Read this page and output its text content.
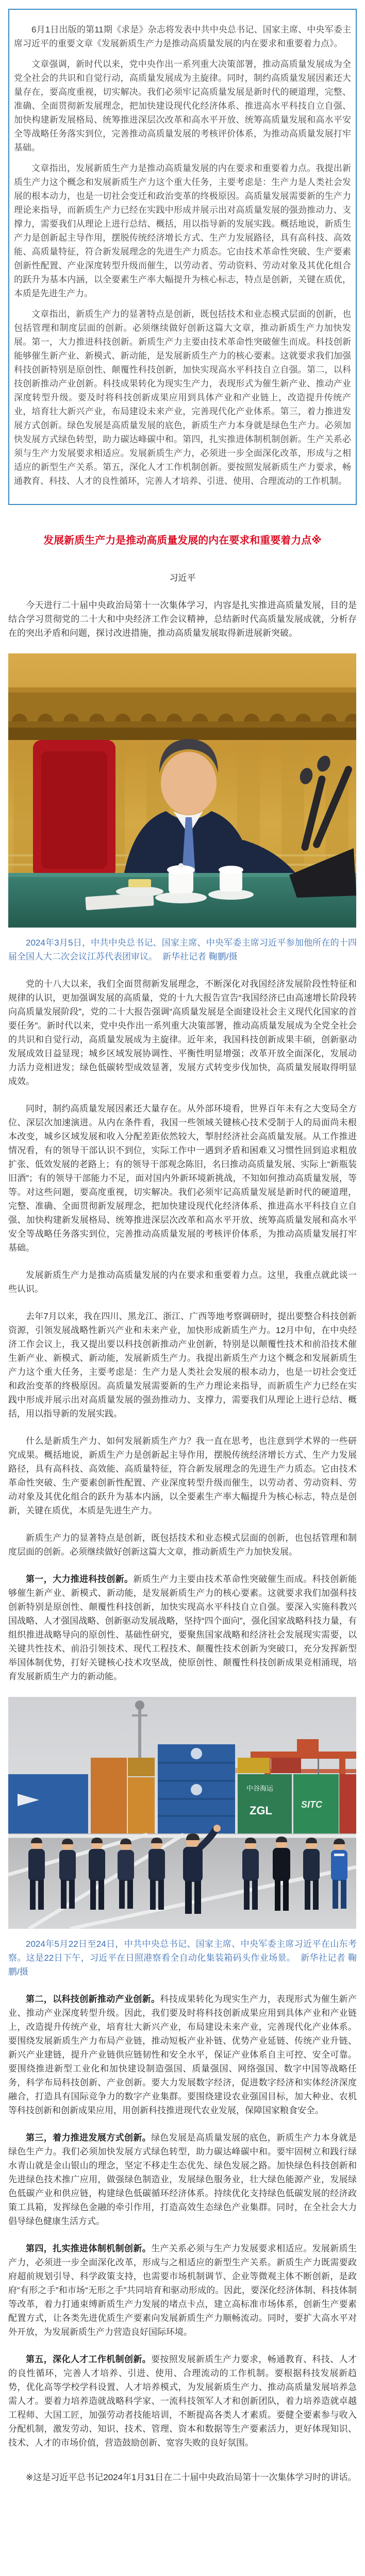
6月1日出版的第11期《求是》杂志将发表中共中央总书记、国家主席、中央军委主席习近平的重要文章《发展新质生产力是推动高质量发展的内在要求和重要着力点》。

文章强调，新时代以来，党中央作出一系列重大决策部署，推动高质量发展成为全党全社会的共识和自觉行动，高质量发展成为主旋律。同时，制约高质量发展因素还大量存在，要高度重视，切实解决。我们必须牢记高质量发展是新时代的硬道理，完整、准确、全面贯彻新发展理念，把加快建设现代化经济体系、推进高水平科技自立自强、加快构建新发展格局、统筹推进深层次改革和高水平开放、统筹高质量发展和高水平安全等战略任务落实到位，完善推动高质量发展的考核评价体系，为推动高质量发展打牢基础。

文章指出，发展新质生产力是推动高质量发展的内在要求和重要着力点。我提出新质生产力这个概念和发展新质生产力这个重大任务，主要考虑是：生产力是人类社会发展的根本动力，也是一切社会变迁和政治变革的终极原因。高质量发展需要新的生产力理论来指导，而新质生产力已经在实践中形成并展示出对高质量发展的强劲推动力、支撑力，需要我们从理论上进行总结、概括，用以指导新的发展实践。概括地说，新质生产力是创新起主导作用，摆脱传统经济增长方式、生产力发展路径，具有高科技、高效能、高质量特征，符合新发展理念的先进生产力质态。它由技术革命性突破、生产要素创新性配置、产业深度转型升级而催生，以劳动者、劳动资料、劳动对象及其优化组合的跃升为基本内涵，以全要素生产率大幅提升为核心标志，特点是创新，关键在质优，本质是先进生产力。

文章指出，新质生产力的显著特点是创新，既包括技术和业态模式层面的创新，也包括管理和制度层面的创新。必须继续做好创新这篇大文章，推动新质生产力加快发展。第一，大力推进科技创新。新质生产力主要由技术革命性突破催生而成。科技创新能够催生新产业、新模式、新动能，是发展新质生产力的核心要素。这就要求我们加强科技创新特别是原创性、颠覆性科技创新，加快实现高水平科技自立自强。第二，以科技创新推动产业创新。科技成果转化为现实生产力，表现形式为催生新产业、推动产业深度转型升级。要及时将科技创新成果应用到具体产业和产业链上，改造提升传统产业，培育壮大新兴产业，布局建设未来产业，完善现代化产业体系。第三，着力推进发展方式创新。绿色发展是高质量发展的底色，新质生产力本身就是绿色生产力。必须加快发展方式绿色转型，助力碳达峰碳中和。第四，扎实推进体制机制创新。生产关系必须与生产力发展要求相适应。发展新质生产力，必须进一步全面深化改革，形成与之相适应的新型生产关系。第五，深化人才工作机制创新。要按照发展新质生产力要求，畅通教育、科技、人才的良性循环，完善人才培养、引进、使用、合理流动的工作机制。

发展新质生产力是推动高质量发展的内在要求和重要着力点※
习近平

今天进行二十届中央政治局第十一次集体学习，内容是扎实推进高质量发展，目的是结合学习贯彻党的二十大和中央经济工作会议精神，总结新时代高质量发展成就，分析存在的突出矛盾和问题，探讨改进措施，推动高质量发展取得新进展新突破。

2024年3月5日，中共中央总书记、国家主席、中央军委主席习近平参加他所在的十四届全国人大二次会议江苏代表团审议。 新华社记者 鞠鹏/摄

党的十八大以来，我们全面贯彻新发展理念，不断深化对我国经济发展阶段性特征和规律的认识，更加强调发展的高质量，党的十九大报告宣告“我国经济已由高速增长阶段转向高质量发展阶段”，党的二十大报告强调“高质量发展是全面建设社会主义现代化国家的首要任务”。新时代以来，党中央作出一系列重大决策部署，推动高质量发展成为全党全社会的共识和自觉行动，高质量发展成为主旋律。近年来，我国科技创新成果丰硕，创新驱动发展成效日益显现；城乡区域发展协调性、平衡性明显增强；改革开放全面深化，发展动力活力竞相迸发；绿色低碳转型成效显著，发展方式转变步伐加快，高质量发展取得明显成效。

同时，制约高质量发展因素还大量存在。从外部环境看，世界百年未有之大变局全方位、深层次加速演进。从内在条件看，我国一些领域关键核心技术受制于人的局面尚未根本改变，城乡区域发展和收入分配差距依然较大，掣肘经济社会高质量发展。从工作推进情况看，有的领导干部认识不到位，实际工作中一遇到矛盾和困难又习惯性回到追求粗放扩张、低效发展的老路上；有的领导干部观念陈旧，名曰推动高质量发展、实际上“新瓶装旧酒”；有的领导干部能力不足，面对国内外新环境新挑战，不知如何推动高质量发展，等等。对这些问题，要高度重视，切实解决。我们必须牢记高质量发展是新时代的硬道理，完整、准确、全面贯彻新发展理念，把加快建设现代化经济体系、推进高水平科技自立自强、加快构建新发展格局、统筹推进深层次改革和高水平开放、统筹高质量发展和高水平安全等战略任务落实到位，完善推动高质量发展的考核评价体系，为推动高质量发展打牢基础。

发展新质生产力是推动高质量发展的内在要求和重要着力点。这里，我重点就此谈一些认识。

去年7月以来，我在四川、黑龙江、浙江、广西等地考察调研时，提出要整合科技创新资源，引领发展战略性新兴产业和未来产业，加快形成新质生产力。12月中旬，在中央经济工作会议上，我又提出要以科技创新推动产业创新，特别是以颠覆性技术和前沿技术催生新产业、新模式、新动能，发展新质生产力。我提出新质生产力这个概念和发展新质生产力这个重大任务，主要考虑是：生产力是人类社会发展的根本动力，也是一切社会变迁和政治变革的终极原因。高质量发展需要新的生产力理论来指导，而新质生产力已经在实践中形成并展示出对高质量发展的强劲推动力、支撑力，需要我们从理论上进行总结、概括，用以指导新的发展实践。

什么是新质生产力、如何发展新质生产力？我一直在思考，也注意到学术界的一些研究成果。概括地说，新质生产力是创新起主导作用，摆脱传统经济增长方式、生产力发展路径，具有高科技、高效能、高质量特征，符合新发展理念的先进生产力质态。它由技术革命性突破、生产要素创新性配置、产业深度转型升级而催生，以劳动者、劳动资料、劳动对象及其优化组合的跃升为基本内涵，以全要素生产率大幅提升为核心标志，特点是创新，关键在质优，本质是先进生产力。

新质生产力的显著特点是创新，既包括技术和业态模式层面的创新，也包括管理和制度层面的创新。必须继续做好创新这篇大文章，推动新质生产力加快发展。

第一，大力推进科技创新。新质生产力主要由技术革命性突破催生而成。科技创新能够催生新产业、新模式、新动能，是发展新质生产力的核心要素。这就要求我们加强科技创新特别是原创性、颠覆性科技创新，加快实现高水平科技自立自强。要深入实施科教兴国战略、人才强国战略、创新驱动发展战略，坚持“四个面向”，强化国家战略科技力量，有组织推进战略导向的原创性、基础性研究，要聚焦国家战略和经济社会发展现实需要，以关键共性技术、前沿引领技术、现代工程技术、颠覆性技术创新为突破口，充分发挥新型举国体制优势，打好关键核心技术攻坚战，使原创性、颠覆性科技创新成果竞相涌现，培育发展新质生产力的新动能。

中谷海运
ZGL	SITC

2024年5月22日至24日，中共中央总书记、国家主席、中央军委主席习近平在山东考察。这是22日下午，习近平在日照港察看全自动化集装箱码头作业场景。 新华社记者 鞠鹏/摄

第二，以科技创新推动产业创新。科技成果转化为现实生产力，表现形式为催生新产业、推动产业深度转型升级。因此，我们要及时将科技创新成果应用到具体产业和产业链上，改造提升传统产业，培育壮大新兴产业，布局建设未来产业，完善现代化产业体系。要围绕发展新质生产力布局产业链，推动短板产业补链、优势产业延链、传统产业升链、新兴产业建链，提升产业链供应链韧性和安全水平，保证产业体系自主可控、安全可靠。要围绕推进新型工业化和加快建设制造强国、质量强国、网络强国、数字中国等战略任务，科学布局科技创新、产业创新。要大力发展数字经济，促进数字经济和实体经济深度融合，打造具有国际竞争力的数字产业集群。要围绕建设农业强国目标，加大种业、农机等科技创新和创新成果应用，用创新科技推进现代农业发展，保障国家粮食安全。

第三，着力推进发展方式创新。绿色发展是高质量发展的底色，新质生产力本身就是绿色生产力。我们必须加快发展方式绿色转型，助力碳达峰碳中和。要牢固树立和践行绿水青山就是金山银山的理念，坚定不移走生态优先、绿色发展之路。加快绿色科技创新和先进绿色技术推广应用，做强绿色制造业，发展绿色服务业，壮大绿色能源产业，发展绿色低碳产业和供应链，构建绿色低碳循环经济体系。持续优化支持绿色低碳发展的经济政策工具箱，发挥绿色金融的牵引作用，打造高效生态绿色产业集群。同时，在全社会大力倡导绿色健康生活方式。

第四，扎实推进体制机制创新。生产关系必须与生产力发展要求相适应。发展新质生产力，必须进一步全面深化改革，形成与之相适应的新型生产关系。新质生产力既需要政府超前规划引导、科学政策支持，也需要市场机制调节、企业等微观主体不断创新，是政府“有形之手”和市场“无形之手”共同培育和驱动形成的。因此，要深化经济体制、科技体制等改革，着力打通束缚新质生产力发展的堵点卡点，建立高标准市场体系，创新生产要素配置方式，让各类先进优质生产要素向发展新质生产力顺畅流动。同时，要扩大高水平对外开放，为发展新质生产力营造良好国际环境。

第五，深化人才工作机制创新。要按照发展新质生产力要求，畅通教育、科技、人才的良性循环，完善人才培养、引进、使用、合理流动的工作机制。要根据科技发展新趋势，优化高等学校学科设置、人才培养模式，为发展新质生产力、推动高质量发展培养急需人才。要着力培养造就战略科学家、一流科技领军人才和创新团队，着力培养造就卓越工程师、大国工匠，加强劳动者技能培训，不断提高各类人才素质。要健全要素参与收入分配机制，激发劳动、知识、技术、管理、资本和数据等生产要素活力，更好体现知识、技术、人才的市场价值，营造鼓励创新、宽容失败的良好氛围。

※这是习近平总书记2024年1月31日在二十届中央政治局第十一次集体学习时的讲话。
